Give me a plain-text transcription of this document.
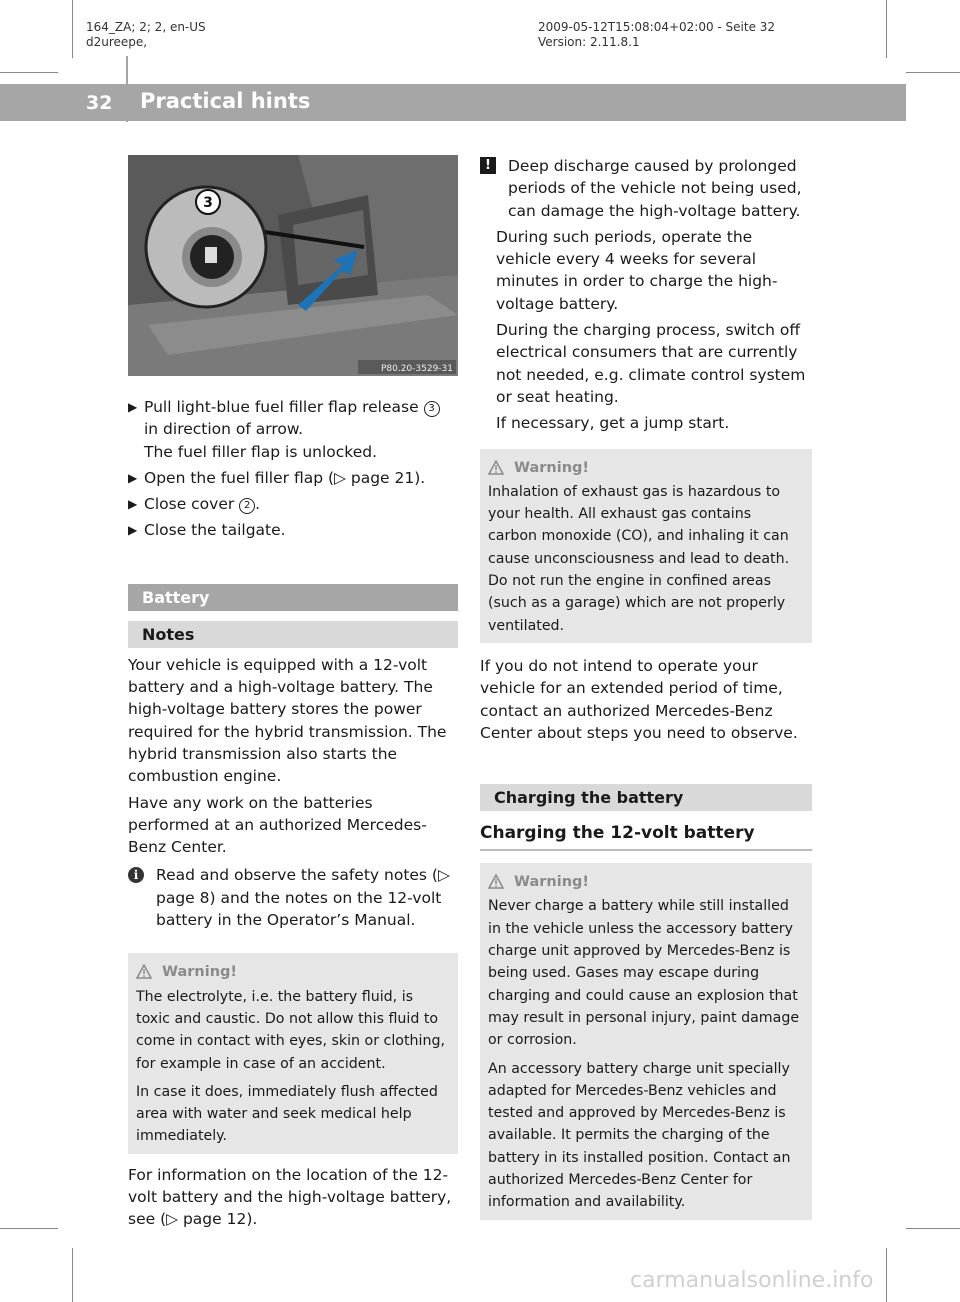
164_ZA; 2; 2, en-US
d2ureepe,
2009-05-12T15:08:04+02:00 - Seite 32
Version: 2.11.8.1
32 Practical hints
3
P80.20-3529-31
▶ Pull light-blue fuel filler flap release 3 in direction of arrow.
The fuel filler flap is unlocked.
▶ Open the fuel filler flap (▷ page 21).
▶ Close cover 2 .
▶ Close the tailgate.
Battery
Notes

Your vehicle is equipped with a 12-volt battery and a high-voltage battery. The high-voltage battery stores the power required for the hybrid transmission. The hybrid transmission also starts the combustion engine.

Have any work on the batteries performed at an authorized Mercedes-Benz Center.

i	Read and observe the safety notes (▷ page 8) and the notes on the 12-volt battery in the Operator’s Manual.
Warning!

The electrolyte, i.e. the battery fluid, is toxic and caustic. Do not allow this fluid to come in contact with eyes, skin or clothing, for example in case of an accident.

In case it does, immediately flush affected area with water and seek medical help immediately.

For information on the location of the 12-volt battery and the high-voltage battery, see (▷ page 12).

!	Deep discharge caused by prolonged periods of the vehicle not being used, can damage the high-voltage battery.

During such periods, operate the vehicle every 4 weeks for several minutes in order to charge the high-voltage battery.

During the charging process, switch off electrical consumers that are currently not needed, e.g. climate control system or seat heating.

If necessary, get a jump start.

Warning!

Inhalation of exhaust gas is hazardous to your health. All exhaust gas contains carbon monoxide (CO), and inhaling it can cause unconsciousness and lead to death. Do not run the engine in confined areas (such as a garage) which are not properly ventilated.

If you do not intend to operate your vehicle for an extended period of time, contact an authorized Mercedes-Benz Center about steps you need to observe.

Charging the battery
Charging the 12-volt battery
Warning!

Never charge a battery while still installed in the vehicle unless the accessory battery charge unit approved by Mercedes-Benz is being used. Gases may escape during charging and could cause an explosion that may result in personal injury, paint damage or corrosion.

An accessory battery charge unit specially adapted for Mercedes-Benz vehicles and tested and approved by Mercedes-Benz is available. It permits the charging of the battery in its installed position. Contact an authorized Mercedes-Benz Center for information and availability.

carmanualsonline.info
